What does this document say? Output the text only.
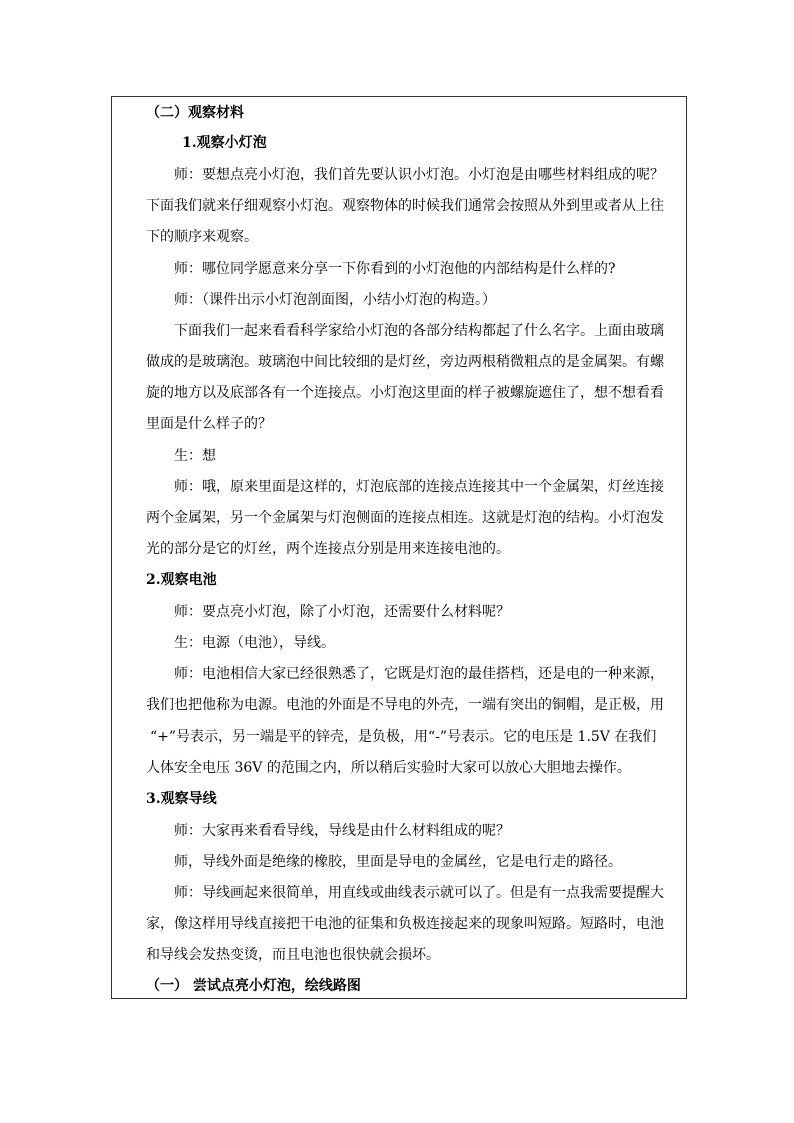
（二）观察材料
1.观察小灯泡
师：要想点亮小灯泡，我们首先要认识小灯泡。小灯泡是由哪些材料组成的呢？
下面我们就来仔细观察小灯泡。观察物体的时候我们通常会按照从外到里或者从上往
下的顺序来观察。
师：哪位同学愿意来分享一下你看到的小灯泡他的内部结构是什么样的?
师：（课件出示小灯泡剖面图，小结小灯泡的构造。）
下面我们一起来看看科学家给小灯泡的各部分结构都起了什么名字。上面由玻璃
做成的是玻璃泡。玻璃泡中间比较细的是灯丝，旁边两根稍微粗点的是金属架。有螺
旋的地方以及底部各有一个连接点。小灯泡这里面的样子被螺旋遮住了，想不想看看
里面是什么样子的？
生：想
师：哦，原来里面是这样的，灯泡底部的连接点连接其中一个金属架，灯丝连接
两个金属架，另一个金属架与灯泡侧面的连接点相连。这就是灯泡的结构。小灯泡发
光的部分是它的灯丝，两个连接点分别是用来连接电池的。
2.观察电池
师：要点亮小灯泡，除了小灯泡，还需要什么材料呢？
生：电源（电池），导线。
师：电池相信大家已经很熟悉了，它既是灯泡的最佳搭档，还是电的一种来源，
我们也把他称为电源。电池的外面是不导电的外壳，一端有突出的铜帽，是正极，用
“+”号表示，另一端是平的锌壳，是负极，用“-”号表示。它的电压是 1.5V 在我们
人体安全电压 36V 的范围之内，所以稍后实验时大家可以放心大胆地去操作。
3.观察导线
师：大家再来看看导线，导线是由什么材料组成的呢？
师，导线外面是绝缘的橡胶，里面是导电的金属丝，它是电行走的路径。
师：导线画起来很简单，用直线或曲线表示就可以了。但是有一点我需要提醒大
家，像这样用导线直接把干电池的征集和负极连接起来的现象叫短路。短路时，电池
和导线会发热变烫，而且电池也很快就会损坏。
（一） 尝试点亮小灯泡，绘线路图
